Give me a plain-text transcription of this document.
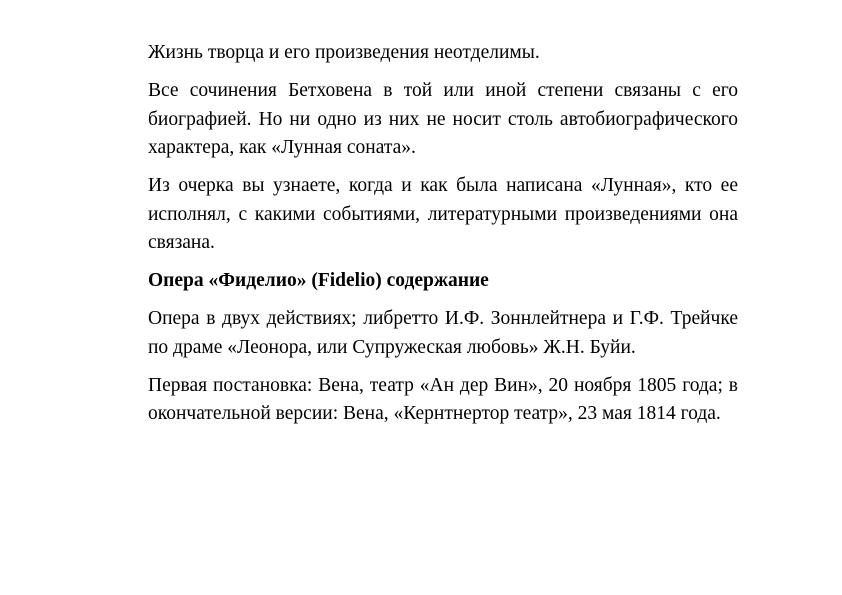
Жизнь творца и его произведения неотделимы.

Все сочинения Бетховена в той или иной степени связаны с его биографией. Но ни одно из них не носит столь автобиографического характера, как «Лунная соната».

Из очерка вы узнаете, когда и как была написана «Лунная», кто ее исполнял, с какими событиями, литературными произведениями она связана.

Опера «Фиделио» (Fidelio) содержание

Опера в двух действиях; либретто И.Ф. Зоннлейтнера и Г.Ф. Трейчке по драме «Леонора, или Супружеская любовь» Ж.Н. Буйи.

Первая постановка: Вена, театр «Ан дер Вин», 20 ноября 1805 года; в окончательной версии: Вена, «Кернтнертор театр», 23 мая 1814 года.
